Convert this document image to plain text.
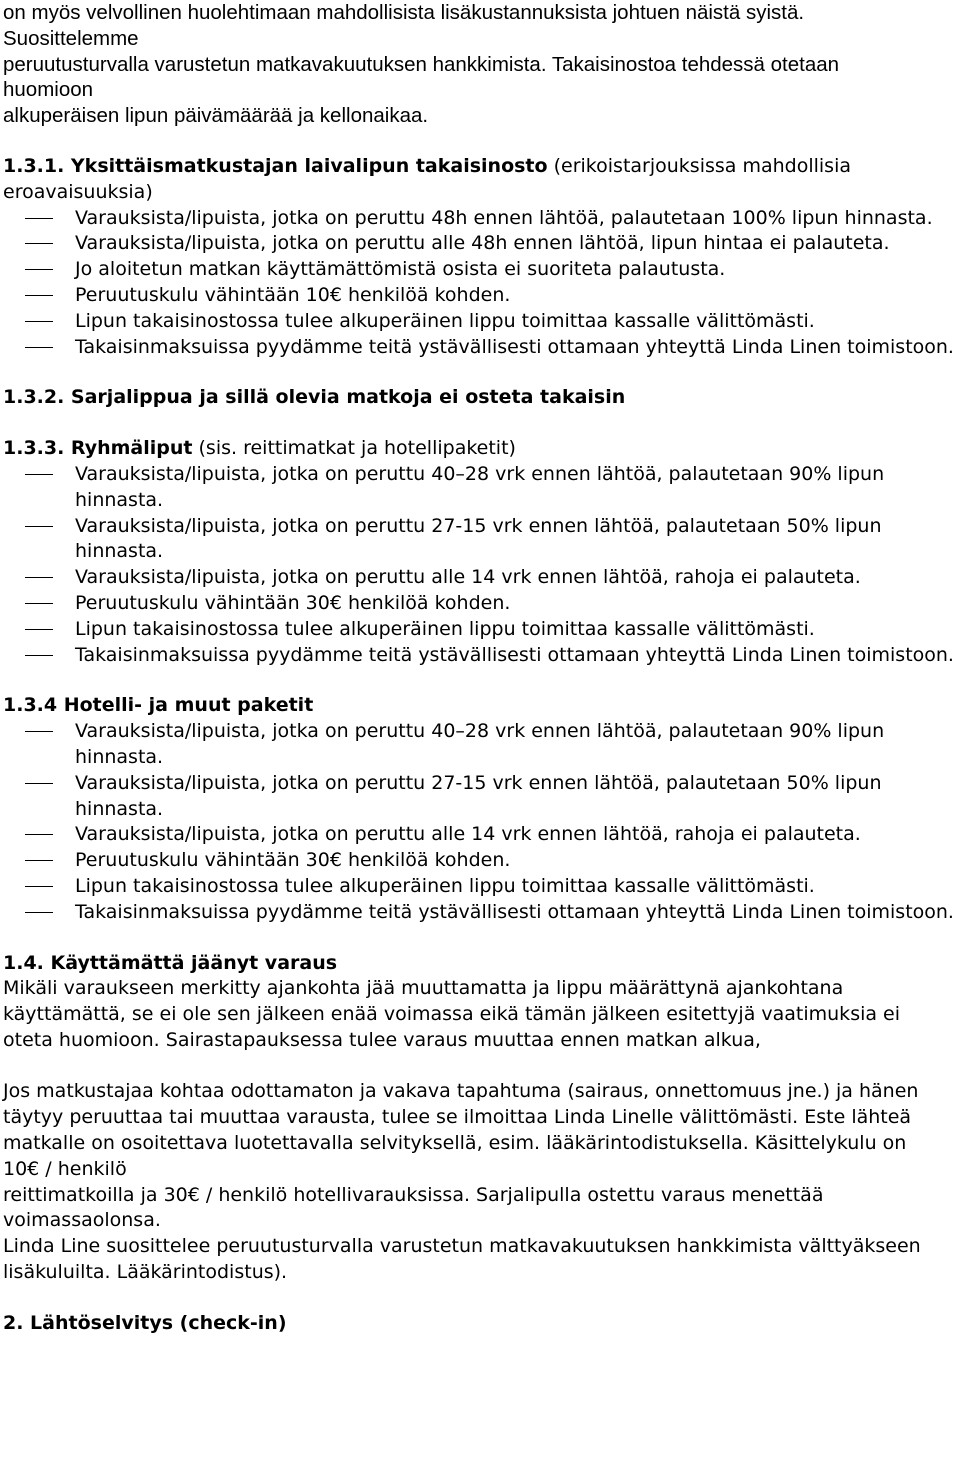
on myös velvollinen huolehtimaan mahdollisista lisäkustannuksista johtuen näistä syistä.
Suosittelemme
peruutusturvalla varustetun matkavakuutuksen hankkimista. Takaisinostoa tehdessä otetaan
huomioon
alkuperäisen lipun päivämäärää ja kellonaikaa.
1.3.1. Yksittäismatkustajan laivalipun takaisinosto (erikoistarjouksissa mahdollisia
eroavaisuuksia)
Varauksista/lipuista, jotka on peruttu 48h ennen lähtöä, palautetaan 100% lipun hinnasta.
Varauksista/lipuista, jotka on peruttu alle 48h ennen lähtöä, lipun hintaa ei palauteta.
Jo aloitetun matkan käyttämättömistä osista ei suoriteta palautusta.
Peruutuskulu vähintään 10€ henkilöä kohden.
Lipun takaisinostossa tulee alkuperäinen lippu toimittaa kassalle välittömästi.
Takaisinmaksuissa pyydämme teitä ystävällisesti ottamaan yhteyttä Linda Linen toimistoon.
1.3.2. Sarjalippua ja sillä olevia matkoja ei osteta takaisin
1.3.3. Ryhmäliput (sis. reittimatkat ja hotellipaketit)
Varauksista/lipuista, jotka on peruttu 40–28 vrk ennen lähtöä, palautetaan 90% lipun hinnasta.
Varauksista/lipuista, jotka on peruttu 27-15 vrk ennen lähtöä, palautetaan 50% lipun hinnasta.
Varauksista/lipuista, jotka on peruttu alle 14 vrk ennen lähtöä, rahoja ei palauteta.
Peruutuskulu vähintään 30€ henkilöä kohden.
Lipun takaisinostossa tulee alkuperäinen lippu toimittaa kassalle välittömästi.
Takaisinmaksuissa pyydämme teitä ystävällisesti ottamaan yhteyttä Linda Linen toimistoon.
1.3.4 Hotelli- ja muut paketit
Varauksista/lipuista, jotka on peruttu 40–28 vrk ennen lähtöä, palautetaan 90% lipun hinnasta.
Varauksista/lipuista, jotka on peruttu 27-15 vrk ennen lähtöä, palautetaan 50% lipun hinnasta.
Varauksista/lipuista, jotka on peruttu alle 14 vrk ennen lähtöä, rahoja ei palauteta.
Peruutuskulu vähintään 30€ henkilöä kohden.
Lipun takaisinostossa tulee alkuperäinen lippu toimittaa kassalle välittömästi.
Takaisinmaksuissa pyydämme teitä ystävällisesti ottamaan yhteyttä Linda Linen toimistoon.
1.4. Käyttämättä jäänyt varaus
Mikäli varaukseen merkitty ajankohta jää muuttamatta ja lippu määrättynä ajankohtana
käyttämättä, se ei ole sen jälkeen enää voimassa eikä tämän jälkeen esitettyjä vaatimuksia ei
oteta huomioon. Sairastapauksessa tulee varaus muuttaa ennen matkan alkua,
Jos matkustajaa kohtaa odottamaton ja vakava tapahtuma (sairaus, onnettomuus jne.) ja hänen
täytyy peruuttaa tai muuttaa varausta, tulee se ilmoittaa Linda Linelle välittömästi. Este lähteä
matkalle on osoitettava luotettavalla selvityksellä, esim. lääkärintodistuksella. Käsittelykulu on
10€ / henkilö
reittimatkoilla ja 30€ / henkilö hotellivarauksissa. Sarjalipulla ostettu varaus menettää
voimassaolonsa.
Linda Line suosittelee peruutusturvalla varustetun matkavakuutuksen hankkimista välttyäkseen
lisäkuluilta. Lääkärintodistus).
2. Lähtöselvitys (check-in)
